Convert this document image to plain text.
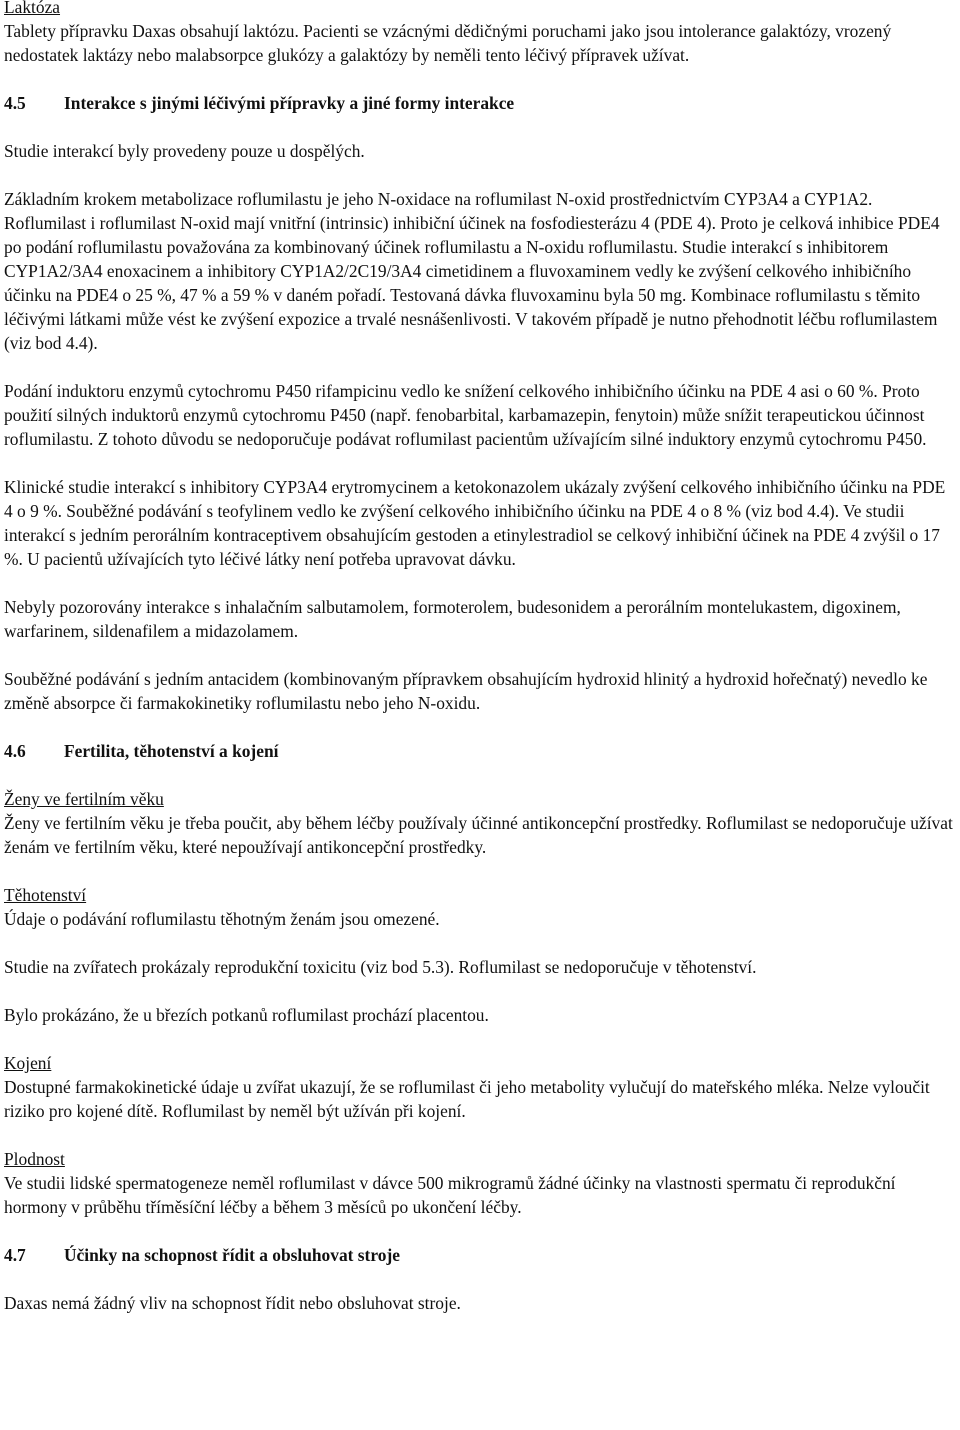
Laktóza

Tablety přípravku Daxas obsahují laktózu. Pacienti se vzácnými dědičnými poruchami jako jsou intolerance galaktózy, vrozený nedostatek laktázy nebo malabsorpce glukózy a galaktózy by neměli tento léčivý přípravek užívat.

4.5	Interakce s jinými léčivými přípravky a jiné formy interakce

Studie interakcí byly provedeny pouze u dospělých.

Základním krokem metabolizace roflumilastu je jeho N-oxidace na roflumilast N-oxid prostřednictvím CYP3A4 a CYP1A2. Roflumilast i roflumilast N-oxid mají vnitřní (intrinsic) inhibiční účinek na fosfodiesterázu 4 (PDE 4). Proto je celková inhibice PDE4 po podání roflumilastu považována za kombinovaný účinek roflumilastu a N-oxidu roflumilastu. Studie interakcí s inhibitorem CYP1A2/3A4 enoxacinem a inhibitory CYP1A2/2C19/3A4 cimetidinem a fluvoxaminem vedly ke zvýšení celkového inhibičního účinku na PDE4 o 25 %, 47 % a 59 % v daném pořadí. Testovaná dávka fluvoxaminu byla 50 mg. Kombinace roflumilastu s těmito léčivými látkami může vést ke zvýšení expozice a trvalé nesnášenlivosti. V takovém případě je nutno přehodnotit léčbu roflumilastem (viz bod 4.4).

Podání induktoru enzymů cytochromu P450 rifampicinu vedlo ke snížení celkového inhibičního účinku na PDE 4 asi o 60 %. Proto použití silných induktorů enzymů cytochromu P450 (např. fenobarbital, karbamazepin, fenytoin) může snížit terapeutickou účinnost roflumilastu. Z tohoto důvodu se nedoporučuje podávat roflumilast pacientům užívajícím silné induktory enzymů cytochromu P450.

Klinické studie interakcí s inhibitory CYP3A4 erytromycinem a ketokonazolem ukázaly zvýšení celkového inhibičního účinku na PDE 4 o 9 %. Souběžné podávání s teofylinem vedlo ke zvýšení celkového inhibičního účinku na PDE 4 o 8 % (viz bod 4.4). Ve studii interakcí s jedním perorálním kontraceptivem obsahujícím gestoden a etinylestradiol se celkový inhibiční účinek na PDE 4 zvýšil o 17 %. U pacientů užívajících tyto léčivé látky není potřeba upravovat dávku.

Nebyly pozorovány interakce s inhalačním salbutamolem, formoterolem, budesonidem a perorálním montelukastem, digoxinem, warfarinem, sildenafilem a midazolamem.

Souběžné podávání s jedním antacidem (kombinovaným přípravkem obsahujícím hydroxid hlinitý a hydroxid hořečnatý) nevedlo ke změně absorpce či farmakokinetiky roflumilastu nebo jeho N-oxidu.

4.6	Fertilita, těhotenství a kojení

Ženy ve fertilním věku

Ženy ve fertilním věku je třeba poučit, aby během léčby používaly účinné antikoncepční prostředky. Roflumilast se nedoporučuje užívat ženám ve fertilním věku, které nepoužívají antikoncepční prostředky.

Těhotenství

Údaje o podávání roflumilastu těhotným ženám jsou omezené.

Studie na zvířatech prokázaly reprodukční toxicitu (viz bod 5.3). Roflumilast se nedoporučuje v těhotenství.

Bylo prokázáno, že u březích potkanů roflumilast prochází placentou.

Kojení

Dostupné farmakokinetické údaje u zvířat ukazují, že se roflumilast či jeho metabolity vylučují do mateřského mléka. Nelze vyloučit riziko pro kojené dítě. Roflumilast by neměl být užíván při kojení.

Plodnost

Ve studii lidské spermatogeneze neměl roflumilast v dávce 500 mikrogramů žádné účinky na vlastnosti spermatu či reprodukční hormony v průběhu tříměsíční léčby a během 3 měsíců po ukončení léčby.

4.7	Účinky na schopnost řídit a obsluhovat stroje

Daxas nemá žádný vliv na schopnost řídit nebo obsluhovat stroje.
